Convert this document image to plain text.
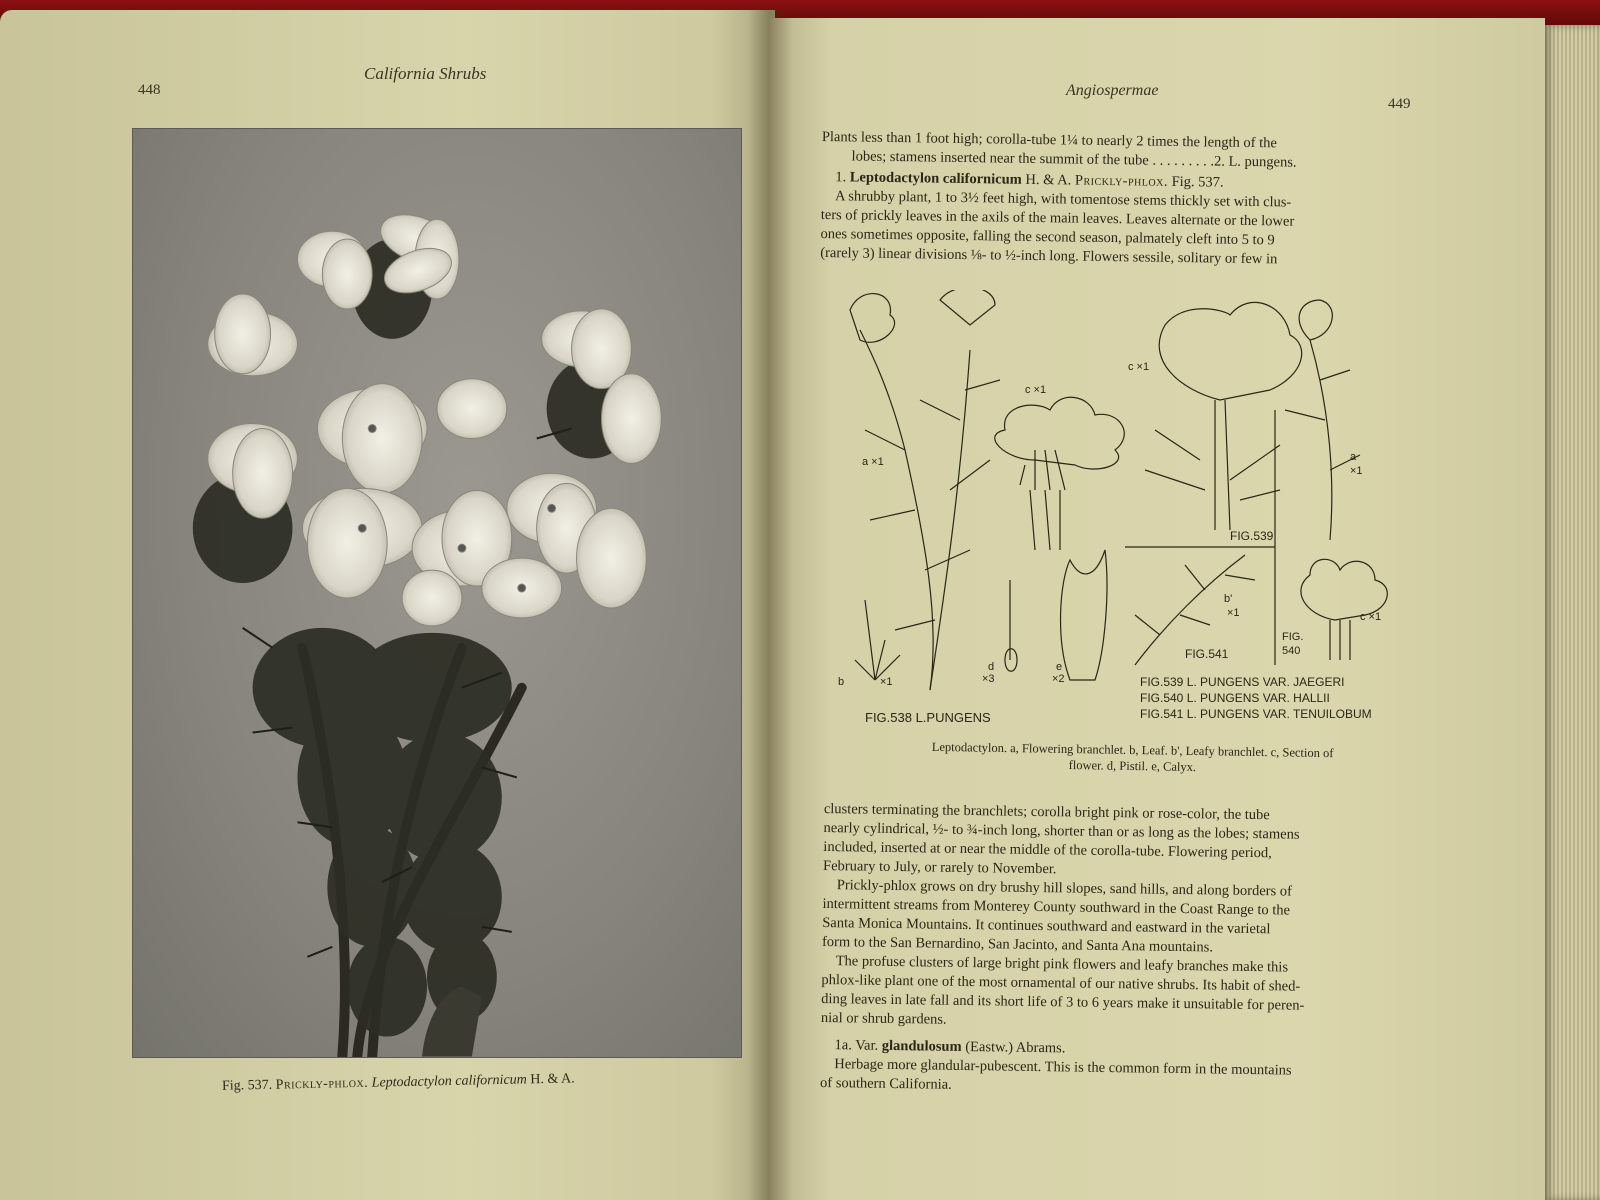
448
California Shrubs
Fig. 537. Prickly-phlox. Leptodactylon californicum H. & A.
Angiospermae
449

Plants less than 1 foot high; corolla-tube 1¼ to nearly 2 times the length of the

lobes; stamens inserted near the summit of the tube . . . . . . . . .2. L. pungens.

1. Leptodactylon californicum H. & A. Prickly-phlox. Fig. 537.

A shrubby plant, 1 to 3½ feet high, with tomentose stems thickly set with clus-

ters of prickly leaves in the axils of the main leaves. Leaves alternate or the lower

ones sometimes opposite, falling the second season, palmately cleft into 5 to 9

(rarely 3) linear divisions ⅛- to ½-inch long. Flowers sessile, solitary or few in

a ×1
c ×1
c ×1
a
×1
b	×1
d
×3
e
×2
b'
×1	c ×1
FIG.538 L.PUNGENS
FIG.539
FIG.
540
FIG.541
FIG.539 L. PUNGENS VAR. JAEGERI
FIG.540 L. PUNGENS VAR. HALLII
FIG.541 L. PUNGENS VAR. TENUILOBUM

Leptodactylon. a, Flowering branchlet. b, Leaf. b', Leafy branchlet. c, Section of

flower. d, Pistil. e, Calyx.

clusters terminating the branchlets; corolla bright pink or rose-color, the tube

nearly cylindrical, ½- to ¾-inch long, shorter than or as long as the lobes; stamens

included, inserted at or near the middle of the corolla-tube. Flowering period,

February to July, or rarely to November.

Prickly-phlox grows on dry brushy hill slopes, sand hills, and along borders of

intermittent streams from Monterey County southward in the Coast Range to the

Santa Monica Mountains. It continues southward and eastward in the varietal

form to the San Bernardino, San Jacinto, and Santa Ana mountains.

The profuse clusters of large bright pink flowers and leafy branches make this

phlox-like plant one of the most ornamental of our native shrubs. Its habit of shed-

ding leaves in late fall and its short life of 3 to 6 years make it unsuitable for peren-

nial or shrub gardens.

1a. Var. glandulosum (Eastw.) Abrams.

Herbage more glandular-pubescent. This is the common form in the mountains

of southern California.
